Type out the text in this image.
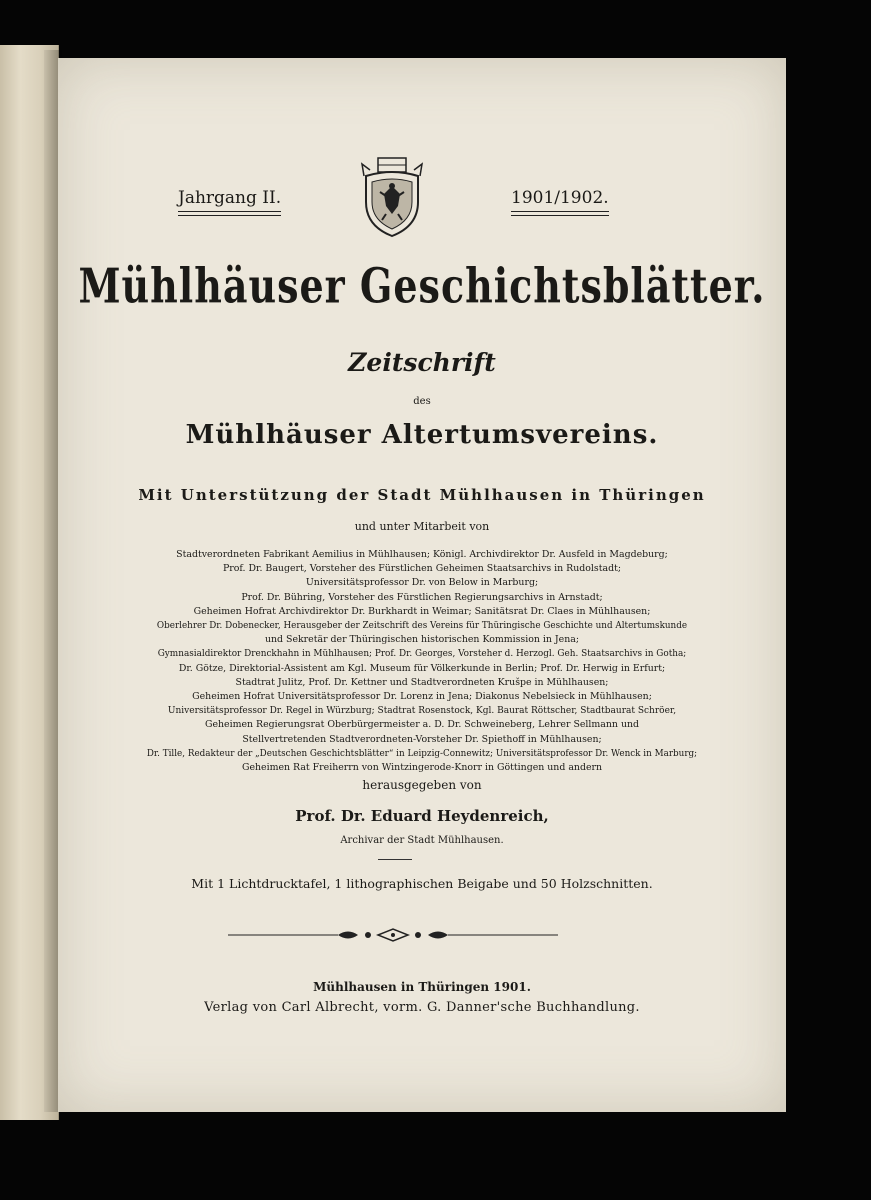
Jahrgang II.	1901/1902.
Mühlhäuser Geschichtsblätter.
Zeitschrift
des
Mühlhäuser Altertumsvereins.
Mit Unterstützung der Stadt Mühlhausen in Thüringen
und unter Mitarbeit von
Stadtverordneten Fabrikant Aemilius in Mühlhausen; Königl. Archivdirektor Dr. Ausfeld in Magdeburg;
Prof. Dr. Baugert, Vorsteher des Fürstlichen Geheimen Staatsarchivs in Rudolstadt;
Universitätsprofessor Dr. von Below in Marburg;
Prof. Dr. Bühring, Vorsteher des Fürstlichen Regierungsarchivs in Arnstadt;
Geheimen Hofrat Archivdirektor Dr. Burkhardt in Weimar; Sanitätsrat Dr. Claes in Mühlhausen;
Oberlehrer Dr. Dobenecker, Herausgeber der Zeitschrift des Vereins für Thüringische Geschichte und Altertumskunde
und Sekretär der Thüringischen historischen Kommission in Jena;
Gymnasialdirektor Drenckhahn in Mühlhausen; Prof. Dr. Georges, Vorsteher d. Herzogl. Geh. Staatsarchivs in Gotha;
Dr. Götze, Direktorial-Assistent am Kgl. Museum für Völkerkunde in Berlin; Prof. Dr. Herwig in Erfurt;
Stadtrat Julitz, Prof. Dr. Kettner und Stadtverordneten Krušpe in Mühlhausen;
Geheimen Hofrat Universitätsprofessor Dr. Lorenz in Jena; Diakonus Nebelsieck in Mühlhausen;
Universitätsprofessor Dr. Regel in Würzburg; Stadtrat Rosenstock, Kgl. Baurat Röttscher, Stadtbaurat Schröer,
Geheimen Regierungsrat Oberbürgermeister a. D. Dr. Schweineberg, Lehrer Sellmann und
Stellvertretenden Stadtverordneten-Vorsteher Dr. Spiethoff in Mühlhausen;
Dr. Tille, Redakteur der „Deutschen Geschichtsblätter“ in Leipzig-Connewitz; Universitätsprofessor Dr. Wenck in Marburg;
Geheimen Rat Freiherrn von Wintzingerode-Knorr in Göttingen und andern
herausgegeben von
Prof. Dr. Eduard Heydenreich,
Archivar der Stadt Mühlhausen.
Mit 1 Lichtdrucktafel, 1 lithographischen Beigabe und 50 Holzschnitten.
Mühlhausen in Thüringen 1901.
Verlag von Carl Albrecht, vorm. G. Danner'sche Buchhandlung.
